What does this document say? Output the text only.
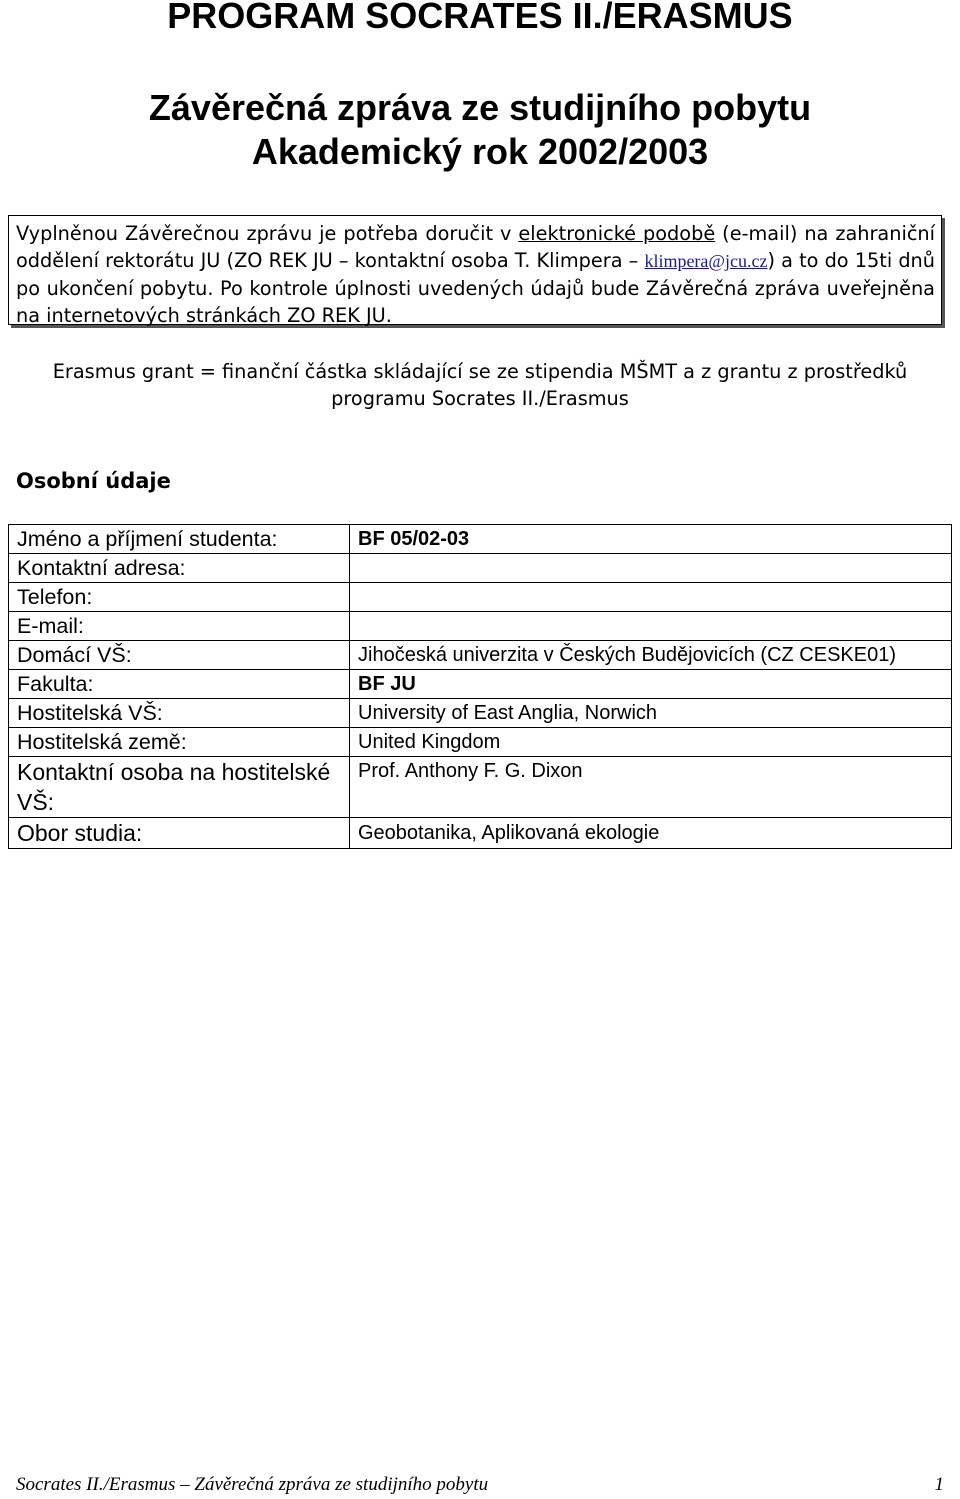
PROGRAM SOCRATES II./ERASMUS
Závěrečná zpráva ze studijního pobytu
Akademický rok 2002/2003
Vyplněnou Závěrečnou zprávu je potřeba doručit v elektronické podobě (e-mail) na zahraniční oddělení rektorátu JU (ZO REK JU – kontaktní osoba T. Klimpera – klimpera@jcu.cz) a to do 15ti dnů po ukončení pobytu. Po kontrole úplnosti uvedených údajů bude Závěrečná zpráva uveřejněna na internetových stránkách ZO REK JU.
Erasmus grant = finanční částka skládající se ze stipendia MŠMT a z grantu z prostředků programu Socrates II./Erasmus
Osobní údaje
Jméno a příjmení studenta:	BF 05/02-03
Kontaktní adresa:	
Telefon:	
E-mail:	
Domácí VŠ:	Jihočeská univerzita v Českých Budějovicích (CZ CESKE01)
Fakulta:	BF JU
Hostitelská VŠ:	University of East Anglia, Norwich
Hostitelská země:	United Kingdom
Kontaktní osoba na hostitelské VŠ:	Prof. Anthony F. G. Dixon
Obor studia:	Geobotanika, Aplikovaná ekologie
Socrates II./Erasmus – Závěrečná zpráva ze studijního pobytu	1
